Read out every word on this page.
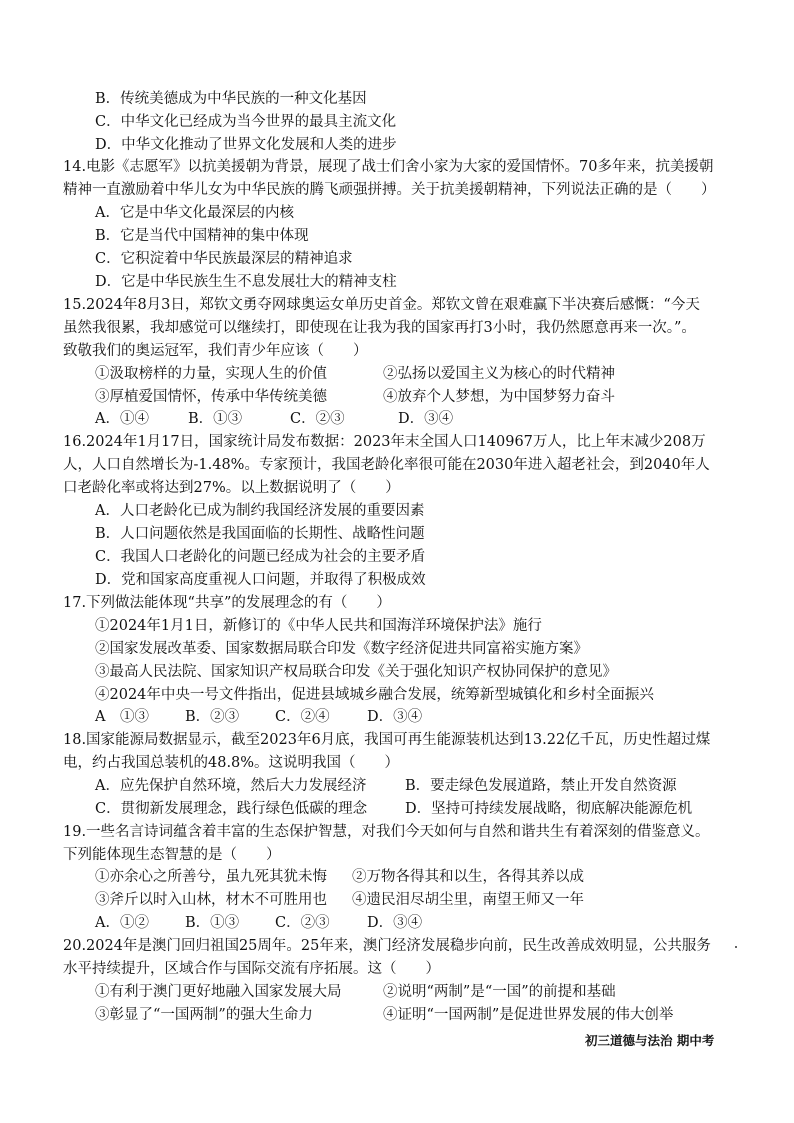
B．传统美德成为中华民族的一种文化基因
C．中华文化已经成为当今世界的最具主流文化
D．中华文化推动了世界文化发展和人类的进步
14.电影《志愿军》以抗美援朝为背景，展现了战士们舍小家为大家的爱国情怀。70多年来，抗美援朝
精神一直激励着中华儿女为中华民族的腾飞顽强拼搏。关于抗美援朝精神，下列说法正确的是（　　）
A．它是中华文化最深层的内核
B．它是当代中国精神的集中体现
C．它积淀着中华民族最深层的精神追求
D．它是中华民族生生不息发展壮大的精神支柱
15.2024年8月3日，郑钦文勇夺网球奥运女单历史首金。郑钦文曾在艰难赢下半决赛后感慨：“今天
虽然我很累，我却感觉可以继续打，即使现在让我为我的国家再打3小时，我仍然愿意再来一次。”。
致敬我们的奥运冠军，我们青少年应该（　　）
①汲取榜样的力量，实现人生的价值	②弘扬以爱国主义为核心的时代精神
③厚植爱国情怀，传承中华传统美德	④放弃个人梦想，为中国梦努力奋斗
A．①④	B．①③	C．②③	D．③④
16.2024年1月17日，国家统计局发布数据：2023年末全国人口140967万人，比上年末减少208万
人，人口自然增长为-1.48%。专家预计，我国老龄化率很可能在2030年进入超老社会，到2040年人
口老龄化率或将达到27%。以上数据说明了（　　）
A．人口老龄化已成为制约我国经济发展的重要因素
B．人口问题依然是我国面临的长期性、战略性问题
C．我国人口老龄化的问题已经成为社会的主要矛盾
D．党和国家高度重视人口问题，并取得了积极成效
17.下列做法能体现“共享”的发展理念的有（　　）
①2024年1月1日，新修订的《中华人民共和国海洋环境保护法》施行
②国家发展改革委、国家数据局联合印发《数字经济促进共同富裕实施方案》
③最高人民法院、国家知识产权局联合印发《关于强化知识产权协同保护的意见》
④2024年中央一号文件指出，促进县域城乡融合发展，统筹新型城镇化和乡村全面振兴
A　①③ B．②③ C．②④	D．③④
18.国家能源局数据显示，截至2023年6月底，我国可再生能源装机达到13.22亿千瓦，历史性超过煤
电，约占我国总装机的48.8%。这说明我国（　　）
A．应先保护自然环境，然后大力发展经济	B．要走绿色发展道路，禁止开发自然资源
C．贯彻新发展理念，践行绿色低碳的理念	D．坚持可持续发展战略，彻底解决能源危机
19.一些名言诗词蕴含着丰富的生态保护智慧，对我们今天如何与自然和谐共生有着深刻的借鉴意义。
下列能体现生态智慧的是（　　）
①亦余心之所善兮，虽九死其犹未悔 ②万物各得其和以生，各得其养以成
③斧斤以时入山林，材木不可胜用也 ④遗民泪尽胡尘里，南望王师又一年
A．①② B．①③ C．②③	D．③④
20.2024年是澳门回归祖国25周年。25年来，澳门经济发展稳步向前，民生改善成效明显，公共服务
水平持续提升，区域合作与国际交流有序拓展。这（　　）
①有利于澳门更好地融入国家发展大局	②说明“两制”是“一国”的前提和基础
③彰显了“一国两制”的强大生命力	④证明“一国两制”是促进世界发展的伟大创举
初三道德与法治 期中考
